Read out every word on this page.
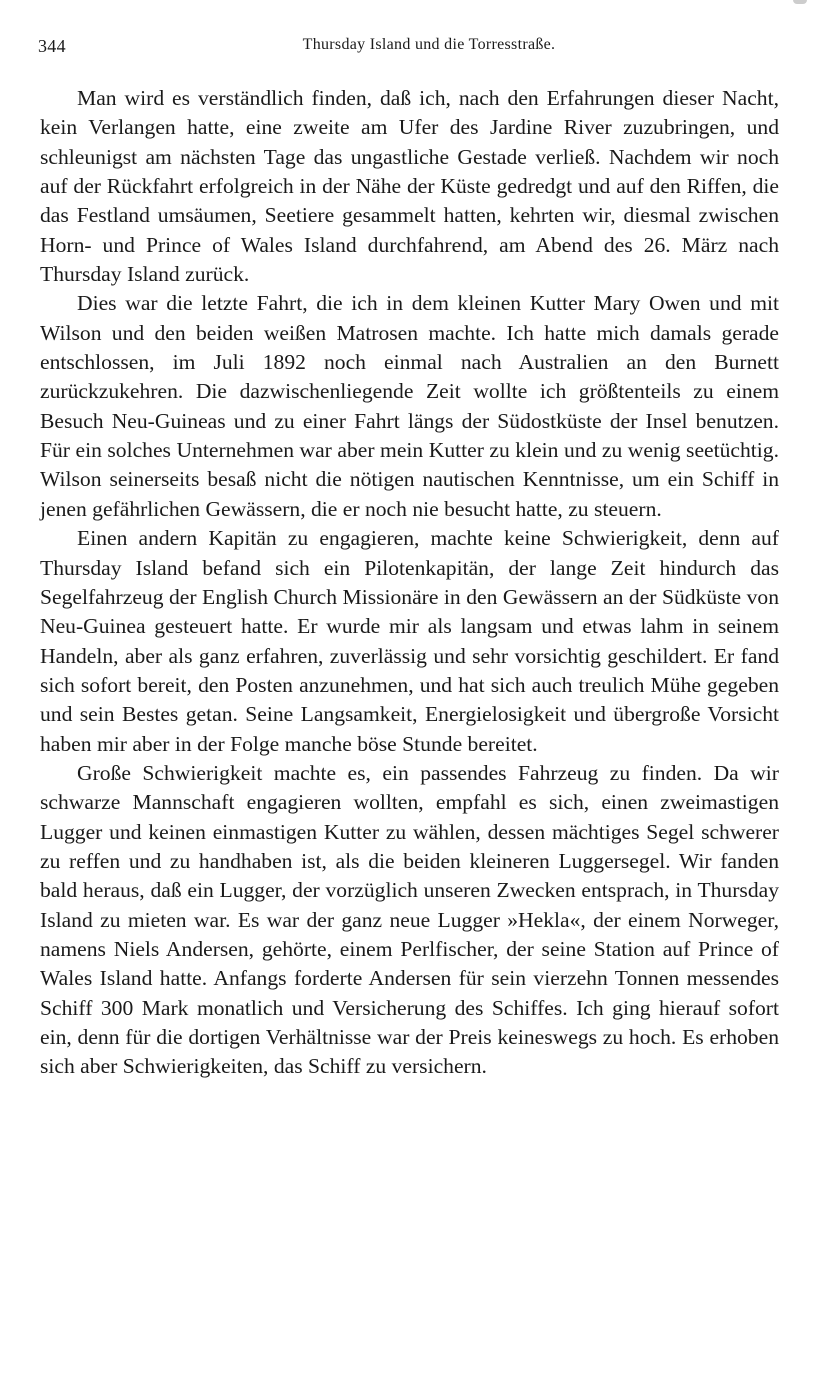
344	Thursday Island und die Torresstraße.

Man wird es verständlich finden, daß ich, nach den Erfahrungen dieser Nacht, kein Verlangen hatte, eine zweite am Ufer des Jardine River zuzubringen, und schleunigst am nächsten Tage das ungastliche Gestade verließ. Nachdem wir noch auf der Rückfahrt erfolgreich in der Nähe der Küste gedredgt und auf den Riffen, die das Festland umsäumen, Seetiere gesammelt hatten, kehrten wir, diesmal zwischen Horn- und Prince of Wales Island durchfahrend, am Abend des 26. März nach Thursday Island zurück.

Dies war die letzte Fahrt, die ich in dem kleinen Kutter Mary Owen und mit Wilson und den beiden weißen Matrosen machte. Ich hatte mich damals gerade entschlossen, im Juli 1892 noch einmal nach Australien an den Burnett zurückzukehren. Die dazwischenliegende Zeit wollte ich größtenteils zu einem Besuch Neu-Guineas und zu einer Fahrt längs der Südostküste der Insel benutzen. Für ein solches Unternehmen war aber mein Kutter zu klein und zu wenig seetüchtig. Wilson seinerseits besaß nicht die nötigen nautischen Kenntnisse, um ein Schiff in jenen gefährlichen Gewässern, die er noch nie besucht hatte, zu steuern.

Einen andern Kapitän zu engagieren, machte keine Schwierigkeit, denn auf Thursday Island befand sich ein Pilotenkapitän, der lange Zeit hindurch das Segelfahrzeug der English Church Missionäre in den Gewässern an der Südküste von Neu-Guinea gesteuert hatte. Er wurde mir als langsam und etwas lahm in seinem Handeln, aber als ganz erfahren, zuverlässig und sehr vorsichtig geschildert. Er fand sich sofort bereit, den Posten anzunehmen, und hat sich auch treulich Mühe gegeben und sein Bestes getan. Seine Langsamkeit, Energielosigkeit und übergroße Vorsicht haben mir aber in der Folge manche böse Stunde bereitet.

Große Schwierigkeit machte es, ein passendes Fahrzeug zu finden. Da wir schwarze Mannschaft engagieren wollten, empfahl es sich, einen zweimastigen Lugger und keinen einmastigen Kutter zu wählen, dessen mächtiges Segel schwerer zu reffen und zu handhaben ist, als die beiden kleineren Luggersegel. Wir fanden bald heraus, daß ein Lugger, der vorzüglich unseren Zwecken entsprach, in Thursday Island zu mieten war. Es war der ganz neue Lugger »Hekla«, der einem Norweger, namens Niels Andersen, gehörte, einem Perlfischer, der seine Station auf Prince of Wales Island hatte. Anfangs forderte Andersen für sein vierzehn Tonnen messendes Schiff 300 Mark monatlich und Versicherung des Schiffes. Ich ging hierauf sofort ein, denn für die dortigen Verhältnisse war der Preis keineswegs zu hoch. Es erhoben sich aber Schwierigkeiten, das Schiff zu versichern.
